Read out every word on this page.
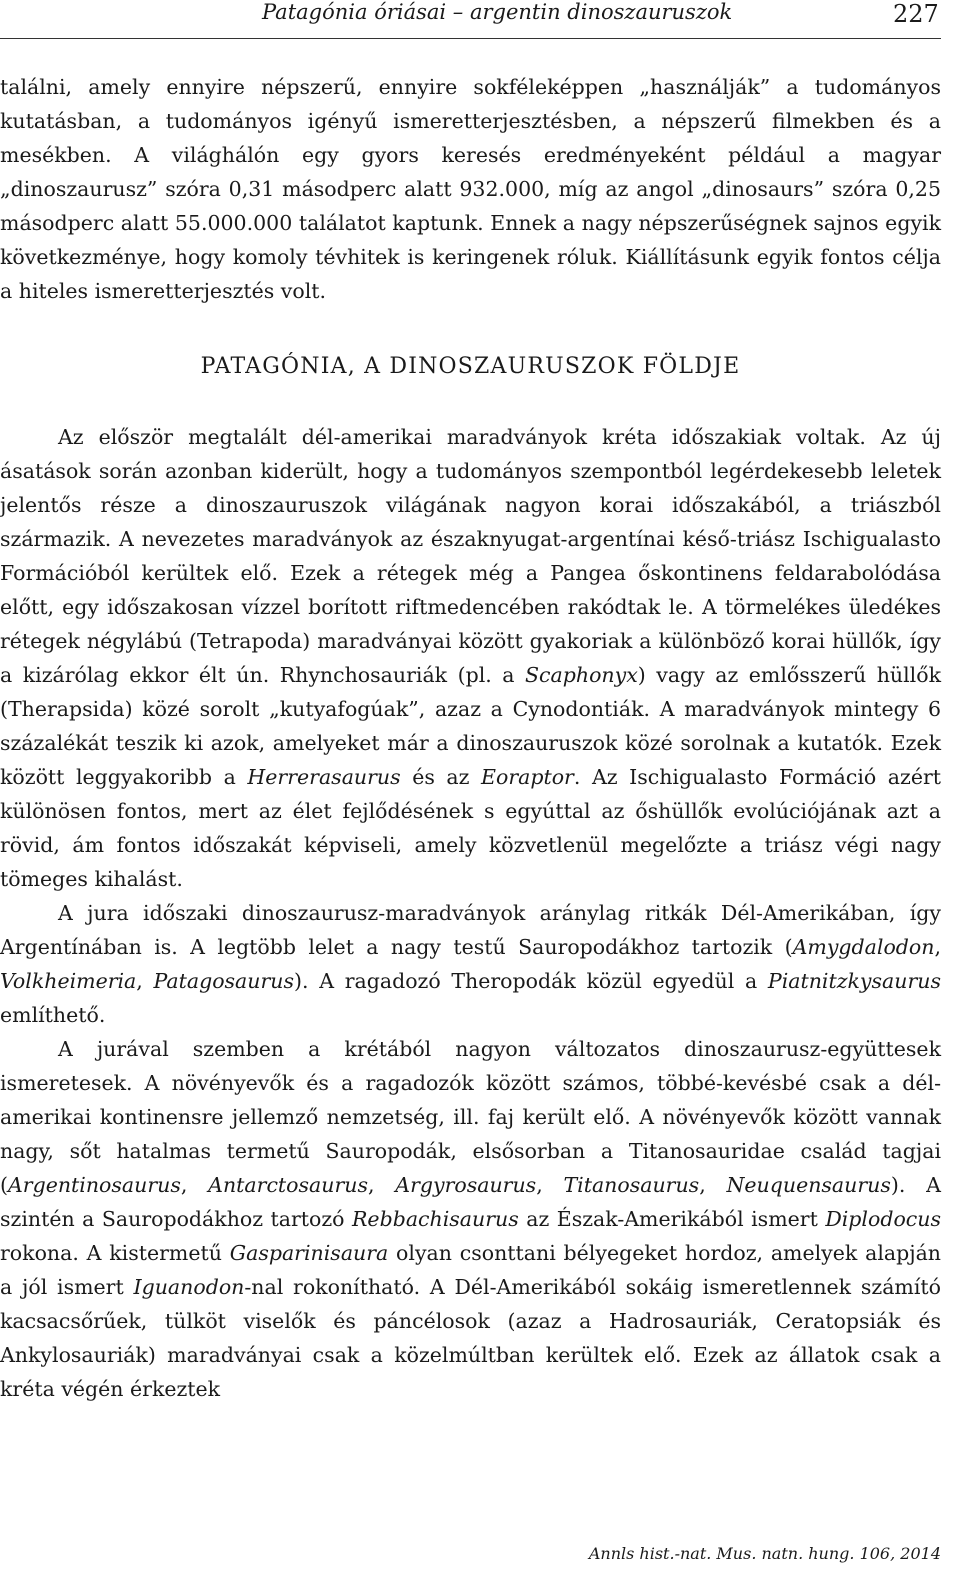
Patagónia óriásai – argentin dinoszauruszok	227

találni, amely ennyire népszerű, ennyire sokféleképpen „használják” a tudományos kutatásban, a tudományos igényű ismeretterjesztésben, a népszerű filmekben és a mesékben. A világhálón egy gyors keresés eredményeként például a magyar „dinoszaurusz” szóra 0,31 másodperc alatt 932.000, míg az angol „dinosaurs” szóra 0,25 másodperc alatt 55.000.000 találatot kaptunk. Ennek a nagy népszerűségnek sajnos egyik következménye, hogy komoly tévhitek is keringenek róluk. Kiállításunk egyik fontos célja a hiteles ismeretterjesztés volt.

PATAGÓNIA, A DINOSZAURUSZOK FÖLDJE

Az először megtalált dél-amerikai maradványok kréta időszakiak voltak. Az új ásatások során azonban kiderült, hogy a tudományos szempontból legérdekesebb leletek jelentős része a dinoszauruszok világának nagyon korai időszakából, a triászból származik. A nevezetes maradványok az északnyugat-argentínai késő-triász Ischigualasto Formációból kerültek elő. Ezek a rétegek még a Pangea őskontinens feldarabolódása előtt, egy időszakosan vízzel borított riftmedencében rakódtak le. A törmelékes üledékes rétegek négylábú (Tetrapoda) maradványai között gyakoriak a különböző korai hüllők, így a kizárólag ekkor élt ún. Rhynchosauriák (pl. a Scaphonyx) vagy az emlősszerű hüllők (Therapsida) közé sorolt „kutyafogúak”, azaz a Cynodontiák. A maradványok mintegy 6 százalékát teszik ki azok, amelyeket már a dinoszauruszok közé sorolnak a kutatók. Ezek között leggyakoribb a Herrerasaurus és az Eoraptor. Az Ischigualasto Formáció azért különösen fontos, mert az élet fejlődésének s egyúttal az őshüllők evolúciójának azt a rövid, ám fontos időszakát képviseli, amely közvetlenül megelőzte a triász végi nagy tömeges kihalást.

A jura időszaki dinoszaurusz-maradványok aránylag ritkák Dél-Amerikában, így Argentínában is. A legtöbb lelet a nagy testű Sauropodákhoz tartozik (Amygdalodon, Volkheimeria, Patagosaurus). A ragadozó Theropodák közül egyedül a Piatnitzkysaurus említhető.

A jurával szemben a krétából nagyon változatos dinoszaurusz-együttesek ismeretesek. A növényevők és a ragadozók között számos, többé-kevésbé csak a dél-amerikai kontinensre jellemző nemzetség, ill. faj került elő. A növényevők között vannak nagy, sőt hatalmas termetű Sauropodák, elsősorban a Titanosauridae család tagjai (Argentinosaurus, Antarctosaurus, Argyrosaurus, Titanosaurus, Neuquensaurus). A szintén a Sauropodákhoz tartozó Rebbachisaurus az Észak-Amerikából ismert Diplodocus rokona. A kistermetű Gasparinisaura olyan csonttani bélyegeket hordoz, amelyek alapján a jól ismert Iguanodon-nal rokonítható. A Dél-Amerikából sokáig ismeretlennek számító kacsacsőrűek, tülköt viselők és páncélosok (azaz a Hadrosauriák, Ceratopsiák és Ankylosauriák) maradványai csak a közelmúltban kerültek elő. Ezek az állatok csak a kréta végén érkeztek

Annls hist.-nat. Mus. natn. hung. 106, 2014
